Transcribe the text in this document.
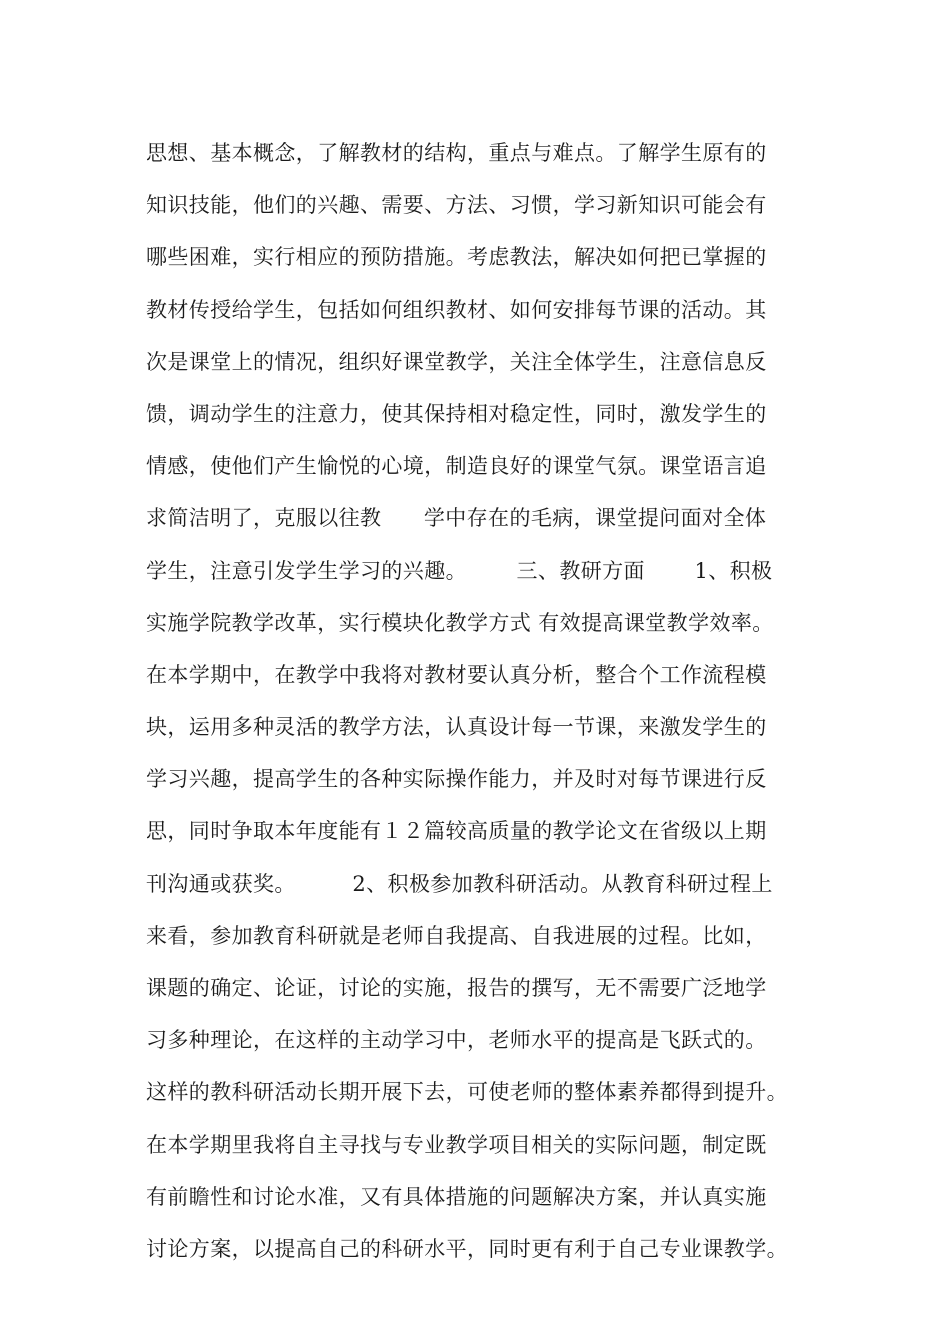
思想、基本概念，了解教材的结构，重点与难点。了解学生原有的
知识技能，他们的兴趣、需要、方法、习惯，学习新知识可能会有
哪些困难，实行相应的预防措施。考虑教法，解决如何把已掌握的
教材传授给学生，包括如何组织教材、如何安排每节课的活动。其
次是课堂上的情况，组织好课堂教学，关注全体学生，注意信息反
馈，调动学生的注意力，使其保持相对稳定性，同时，激发学生的
情感，使他们产生愉悦的心境，制造良好的课堂气氛。课堂语言追
求简洁明了，克服以往教      学中存在的毛病，课堂提问面对全体
学生，注意引发学生学习的兴趣。       三、教研方面       1、积极
实施学院教学改革，实行模块化教学方式 有效提高课堂教学效率。
在本学期中，在教学中我将对教材要认真分析，整合个工作流程模
块，运用多种灵活的教学方法，认真设计每一节课，来激发学生的
学习兴趣，提高学生的各种实际操作能力，并及时对每节课进行反
思，同时争取本年度能有１２篇较高质量的教学论文在省级以上期
刊沟通或获奖。        2、积极参加教科研活动。从教育科研过程上
来看，参加教育科研就是老师自我提高、自我进展的过程。比如，
课题的确定、论证，讨论的实施，报告的撰写，无不需要广泛地学
习多种理论，在这样的主动学习中，老师水平的提高是飞跃式的。
这样的教科研活动长期开展下去，可使老师的整体素养都得到提升。
在本学期里我将自主寻找与专业教学项目相关的实际问题，制定既
有前瞻性和讨论水准，又有具体措施的问题解决方案，并认真实施
讨论方案，以提高自己的科研水平，同时更有利于自己专业课教学。
